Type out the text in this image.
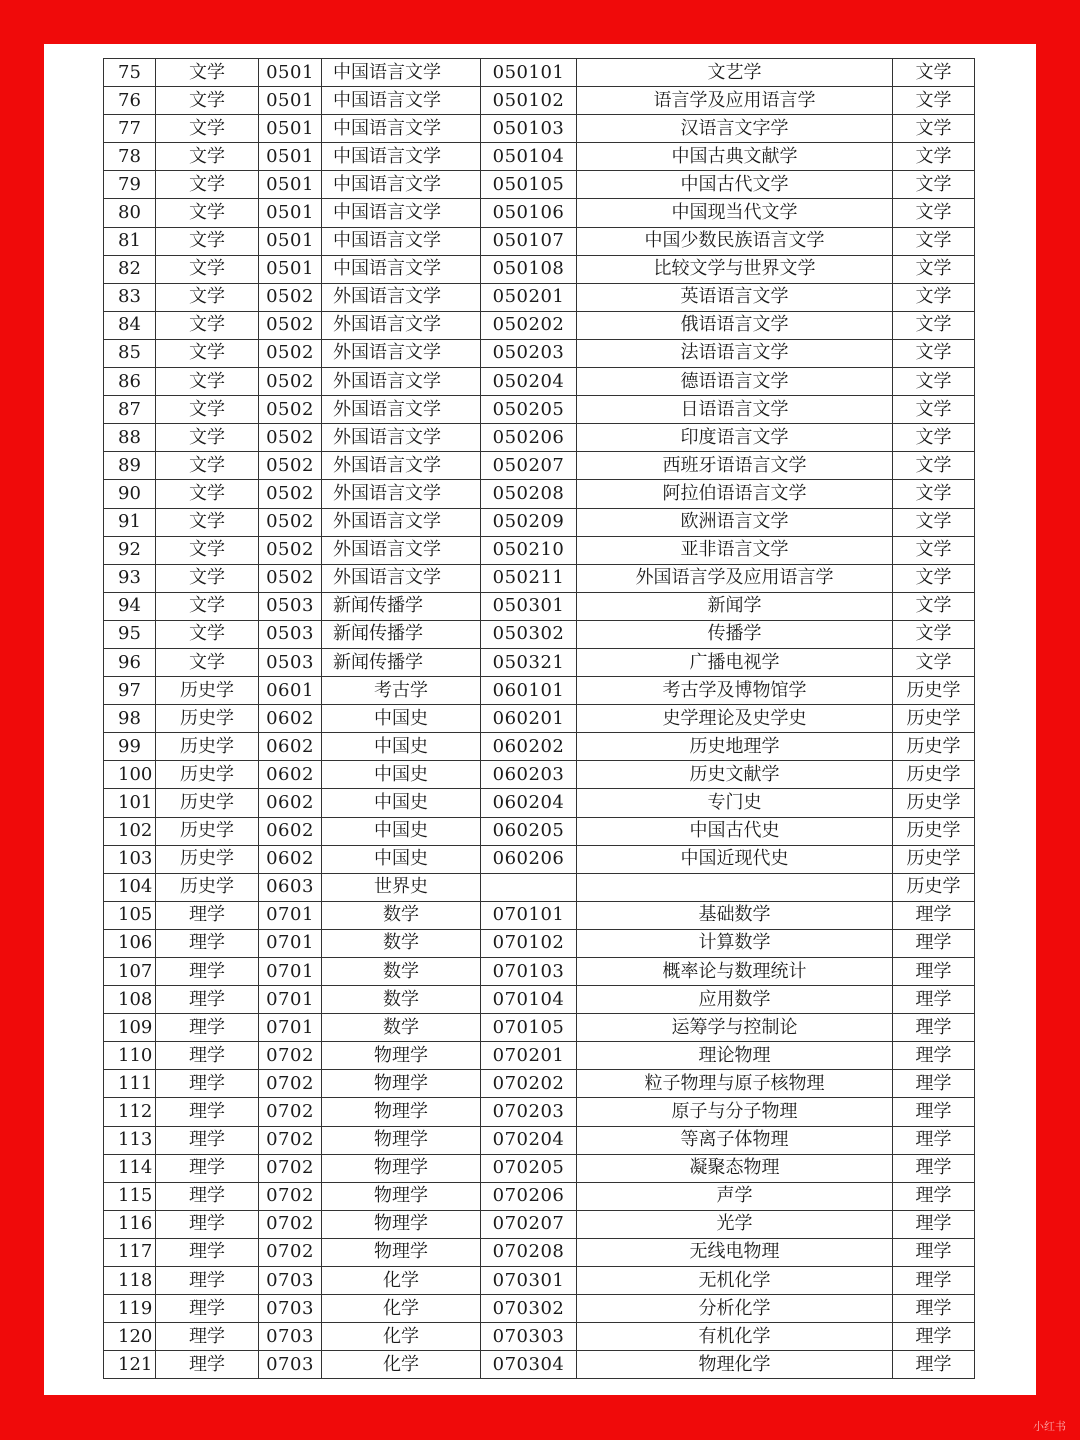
75	文学	0501	中国语言文学	050101	文艺学	文学
76	文学	0501	中国语言文学	050102	语言学及应用语言学	文学
77	文学	0501	中国语言文学	050103	汉语言文字学	文学
78	文学	0501	中国语言文学	050104	中国古典文献学	文学
79	文学	0501	中国语言文学	050105	中国古代文学	文学
80	文学	0501	中国语言文学	050106	中国现当代文学	文学
81	文学	0501	中国语言文学	050107	中国少数民族语言文学	文学
82	文学	0501	中国语言文学	050108	比较文学与世界文学	文学
83	文学	0502	外国语言文学	050201	英语语言文学	文学
84	文学	0502	外国语言文学	050202	俄语语言文学	文学
85	文学	0502	外国语言文学	050203	法语语言文学	文学
86	文学	0502	外国语言文学	050204	德语语言文学	文学
87	文学	0502	外国语言文学	050205	日语语言文学	文学
88	文学	0502	外国语言文学	050206	印度语言文学	文学
89	文学	0502	外国语言文学	050207	西班牙语语言文学	文学
90	文学	0502	外国语言文学	050208	阿拉伯语语言文学	文学
91	文学	0502	外国语言文学	050209	欧洲语言文学	文学
92	文学	0502	外国语言文学	050210	亚非语言文学	文学
93	文学	0502	外国语言文学	050211	外国语言学及应用语言学	文学
94	文学	0503	新闻传播学	050301	新闻学	文学
95	文学	0503	新闻传播学	050302	传播学	文学
96	文学	0503	新闻传播学	050321	广播电视学	文学
97	历史学	0601	考古学	060101	考古学及博物馆学	历史学
98	历史学	0602	中国史	060201	史学理论及史学史	历史学
99	历史学	0602	中国史	060202	历史地理学	历史学
100	历史学	0602	中国史	060203	历史文献学	历史学
101	历史学	0602	中国史	060204	专门史	历史学
102	历史学	0602	中国史	060205	中国古代史	历史学
103	历史学	0602	中国史	060206	中国近现代史	历史学
104	历史学	0603	世界史			历史学
105	理学	0701	数学	070101	基础数学	理学
106	理学	0701	数学	070102	计算数学	理学
107	理学	0701	数学	070103	概率论与数理统计	理学
108	理学	0701	数学	070104	应用数学	理学
109	理学	0701	数学	070105	运筹学与控制论	理学
110	理学	0702	物理学	070201	理论物理	理学
111	理学	0702	物理学	070202	粒子物理与原子核物理	理学
112	理学	0702	物理学	070203	原子与分子物理	理学
113	理学	0702	物理学	070204	等离子体物理	理学
114	理学	0702	物理学	070205	凝聚态物理	理学
115	理学	0702	物理学	070206	声学	理学
116	理学	0702	物理学	070207	光学	理学
117	理学	0702	物理学	070208	无线电物理	理学
118	理学	0703	化学	070301	无机化学	理学
119	理学	0703	化学	070302	分析化学	理学
120	理学	0703	化学	070303	有机化学	理学
121	理学	0703	化学	070304	物理化学	理学
小红书
